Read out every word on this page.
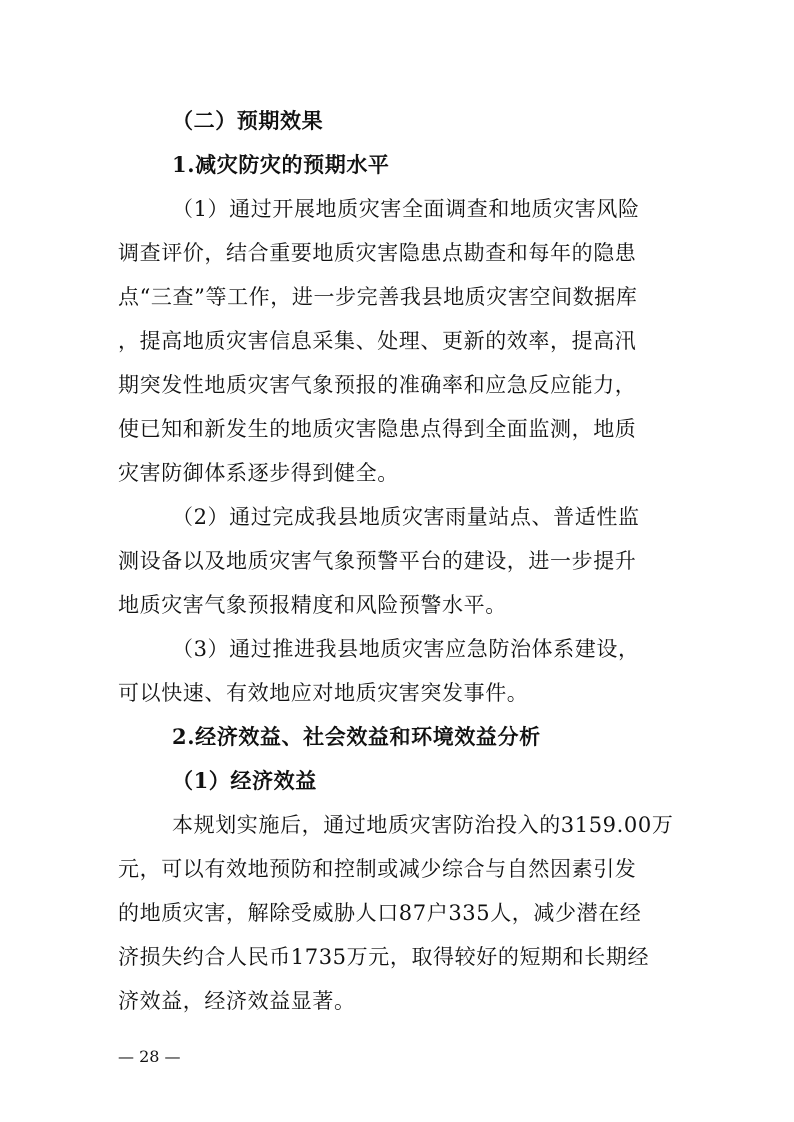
（二）预期效果
1.减灾防灾的预期水平
（1）通过开展地质灾害全面调查和地质灾害风险
调查评价，结合重要地质灾害隐患点勘查和每年的隐患
点“三查”等工作，进一步完善我县地质灾害空间数据库
，提高地质灾害信息采集、处理、更新的效率，提高汛
期突发性地质灾害气象预报的准确率和应急反应能力，
使已知和新发生的地质灾害隐患点得到全面监测，地质
灾害防御体系逐步得到健全。
（2）通过完成我县地质灾害雨量站点、普适性监
测设备以及地质灾害气象预警平台的建设，进一步提升
地质灾害气象预报精度和风险预警水平。
（3）通过推进我县地质灾害应急防治体系建设，
可以快速、有效地应对地质灾害突发事件。
2.经济效益、社会效益和环境效益分析
（1）经济效益
本规划实施后，通过地质灾害防治投入的3159.00万
元，可以有效地预防和控制或减少综合与自然因素引发
的地质灾害，解除受威胁人口87户335人，减少潜在经
济损失约合人民币1735万元，取得较好的短期和长期经
济效益，经济效益显著。
— 28 —
